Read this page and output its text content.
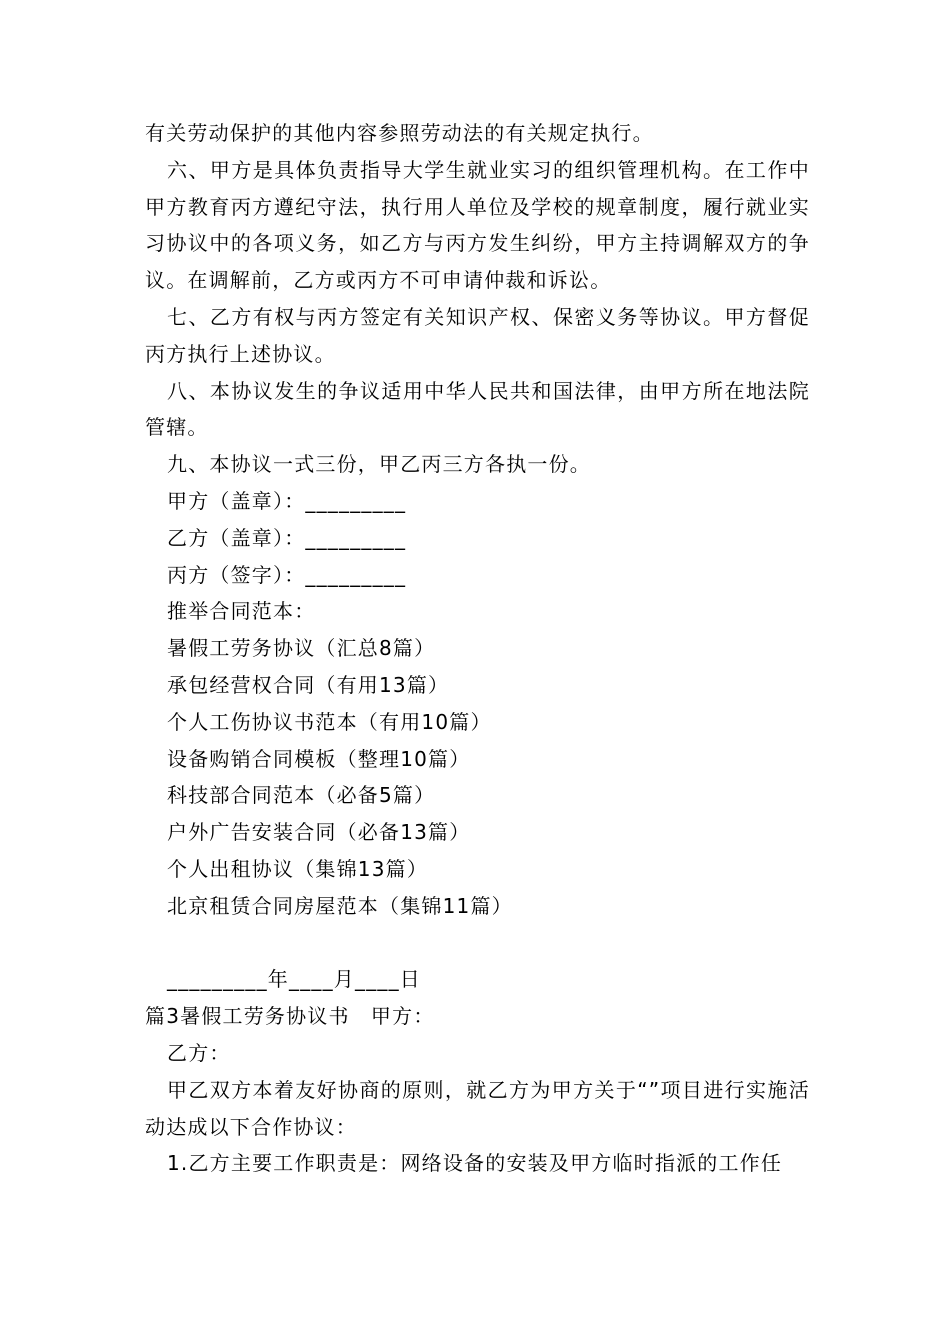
有关劳动保护的其他内容参照劳动法的有关规定执行。

六、甲方是具体负责指导大学生就业实习的组织管理机构。在工作中甲方教育丙方遵纪守法，执行用人单位及学校的规章制度，履行就业实习协议中的各项义务，如乙方与丙方发生纠纷，甲方主持调解双方的争议。在调解前，乙方或丙方不可申请仲裁和诉讼。

七、乙方有权与丙方签定有关知识产权、保密义务等协议。甲方督促丙方执行上述协议。

八、本协议发生的争议适用中华人民共和国法律，由甲方所在地法院管辖。

九、本协议一式三份，甲乙丙三方各执一份。

甲方（盖章）：_________

乙方（盖章）：_________

丙方（签字）：_________

推举合同范本：

暑假工劳务协议（汇总8篇）

承包经营权合同（有用13篇）

个人工伤协议书范本（有用10篇）

设备购销合同模板（整理10篇）

科技部合同范本（必备5篇）

户外广告安装合同（必备13篇）

个人出租协议（集锦13篇）

北京租赁合同房屋范本（集锦11篇）

_________年____月____日

篇3暑假工劳务协议书　甲方：

乙方：

甲乙双方本着友好协商的原则，就乙方为甲方关于“”项目进行实施活动达成以下合作协议：

1.乙方主要工作职责是：网络设备的安装及甲方临时指派的工作任
